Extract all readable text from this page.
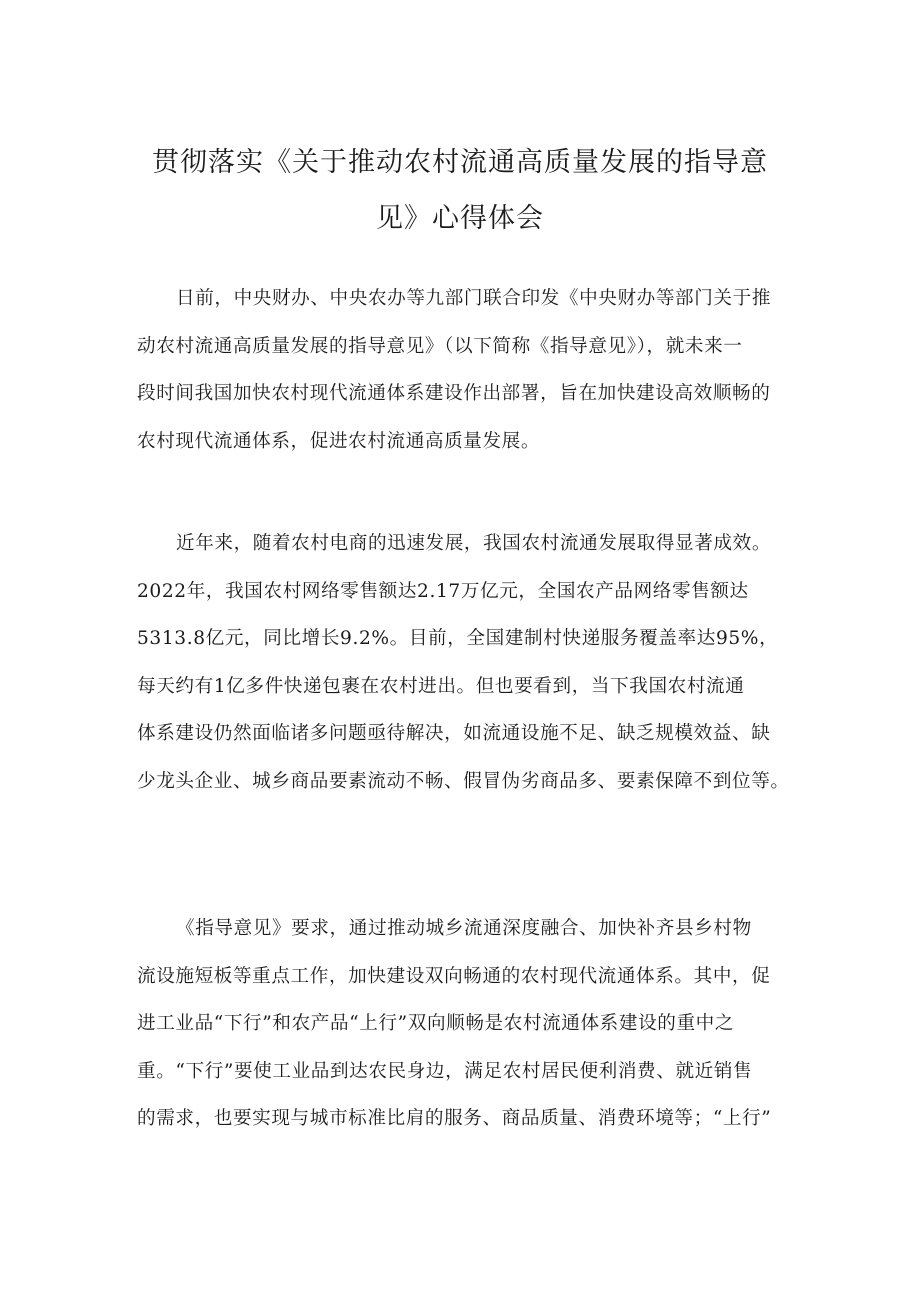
贯彻落实《关于推动农村流通高质量发展的指导意
见》心得体会

日前，中央财办、中央农办等九部门联合印发《中央财办等部门关于推
动农村流通高质量发展的指导意见》（以下简称《指导意见》），就未来一
段时间我国加快农村现代流通体系建设作出部署，旨在加快建设高效顺畅的
农村现代流通体系，促进农村流通高质量发展。

近年来，随着农村电商的迅速发展，我国农村流通发展取得显著成效。
2022年，我国农村网络零售额达2.17万亿元，全国农产品网络零售额达
5313.8亿元，同比增长9.2%。目前，全国建制村快递服务覆盖率达95%，
每天约有1亿多件快递包裹在农村进出。但也要看到，当下我国农村流通
体系建设仍然面临诸多问题亟待解决，如流通设施不足、缺乏规模效益、缺
少龙头企业、城乡商品要素流动不畅、假冒伪劣商品多、要素保障不到位等。

《指导意见》要求，通过推动城乡流通深度融合、加快补齐县乡村物
流设施短板等重点工作，加快建设双向畅通的农村现代流通体系。其中，促
进工业品“下行”和农产品“上行”双向顺畅是农村流通体系建设的重中之
重。“下行”要使工业品到达农民身边，满足农村居民便利消费、就近销售
的需求，也要实现与城市标准比肩的服务、商品质量、消费环境等；“上行”
